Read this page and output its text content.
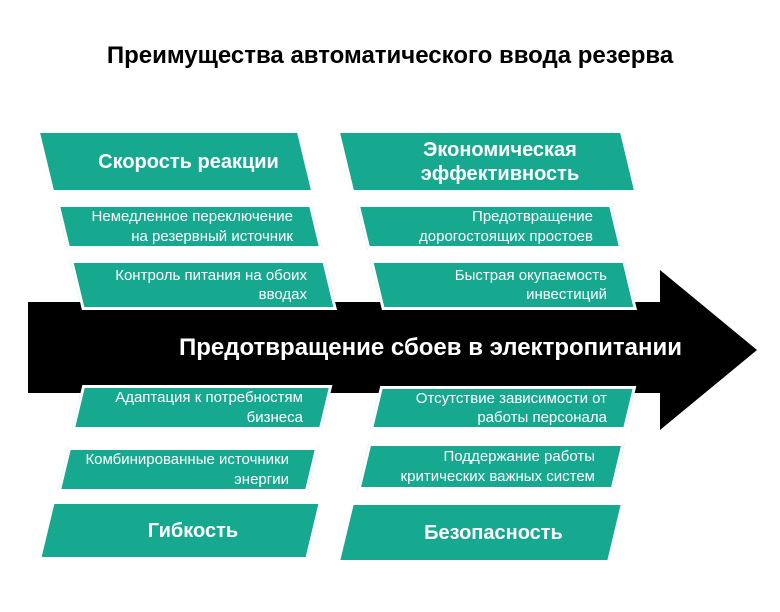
Преимущества автоматического ввода резерва
Предотвращение сбоев в электропитании
Скорость реакции
Немедленное переключение на резервный источник
Контроль питания на обоих вводах
Экономическая эффективность
Предотвращение дорогостоящих простоев
Быстрая окупаемость инвестиций
Адаптация к потребностям бизнеса
Комбинированные источники энергии
Гибкость
Отсутствие зависимости от работы персонала
Поддержание работы критических важных систем
Безопасность
